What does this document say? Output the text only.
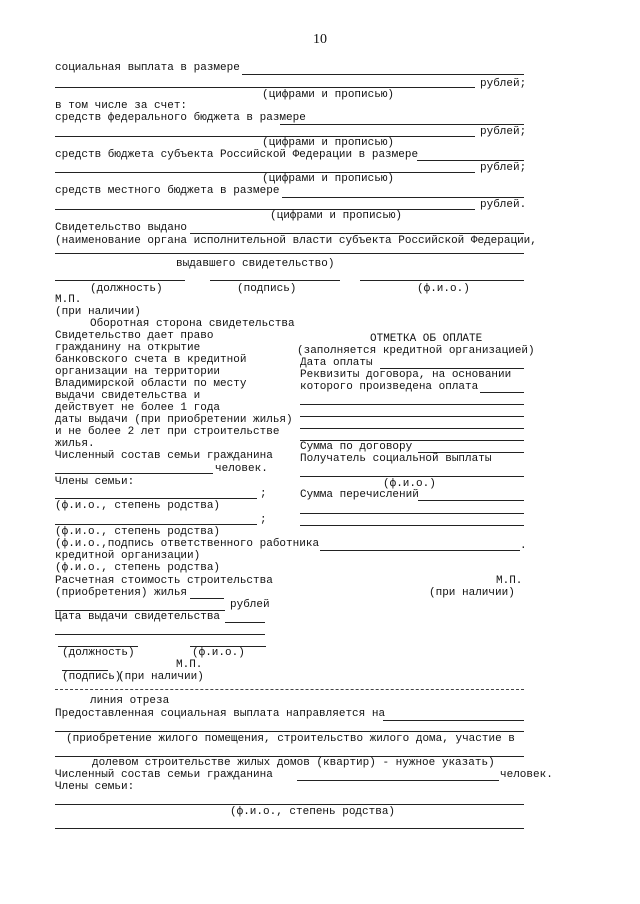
10
социальная выплата в размере
рублей;
(цифрами и прописью)
в том числе за счет:
средств федерального бюджета в размере
рублей;
(цифрами и прописью)
средств бюджета субъекта Российской Федерации в размере
рублей;
(цифрами и прописью)
средств местного бюджета в размере
рублей.
(цифрами и прописью)
Свидетельство выдано
(наименование органа исполнительной власти субъекта Российской Федерации,
выдавшего свидетельство)
(должность)	(подпись)	(ф.и.о.)
М.П.
(при наличии)
Оборотная сторона свидетельства
Свидетельство дает право
гражданину на открытие
банковского счета в кредитной
организации на территории
Владимирской области по месту
выдачи свидетельства и
действует не более 1 года
даты выдачи (при приобретении жилья)
и не более 2 лет при строительстве
жилья.
Численный состав семьи гражданина
человек.
Члены семьи:
;
(ф.и.о., степень родства)
;
(ф.и.о., степень родства)
(ф.и.о.,подпись ответственного работника	.
кредитной организации)
(ф.и.о., степень родства)
Расчетная стоимость строительства
(приобретения) жилья
рублей
Цата выдачи свидетельства
ОТМЕТКА ОБ ОПЛАТЕ
(заполняется кредитной организацией)
Дата оплаты
Реквизиты договора, на основании
которого произведена оплата
Сумма по договору
Получатель социальной выплаты
(ф.и.о.)
Сумма перечислений
М.П.
(при наличии)
(должность)	(ф.и.о.)
М.П.
(подпись)
(при наличии)
линия отреза
Предоставленная социальная выплата направляется на
(приобретение жилого помещения, строительство жилого дома, участие в
долевом строительстве жилых домов (квартир) - нужное указать)
Численный состав семьи гражданина	человек.
Члены семьи:
(ф.и.о., степень родства)
